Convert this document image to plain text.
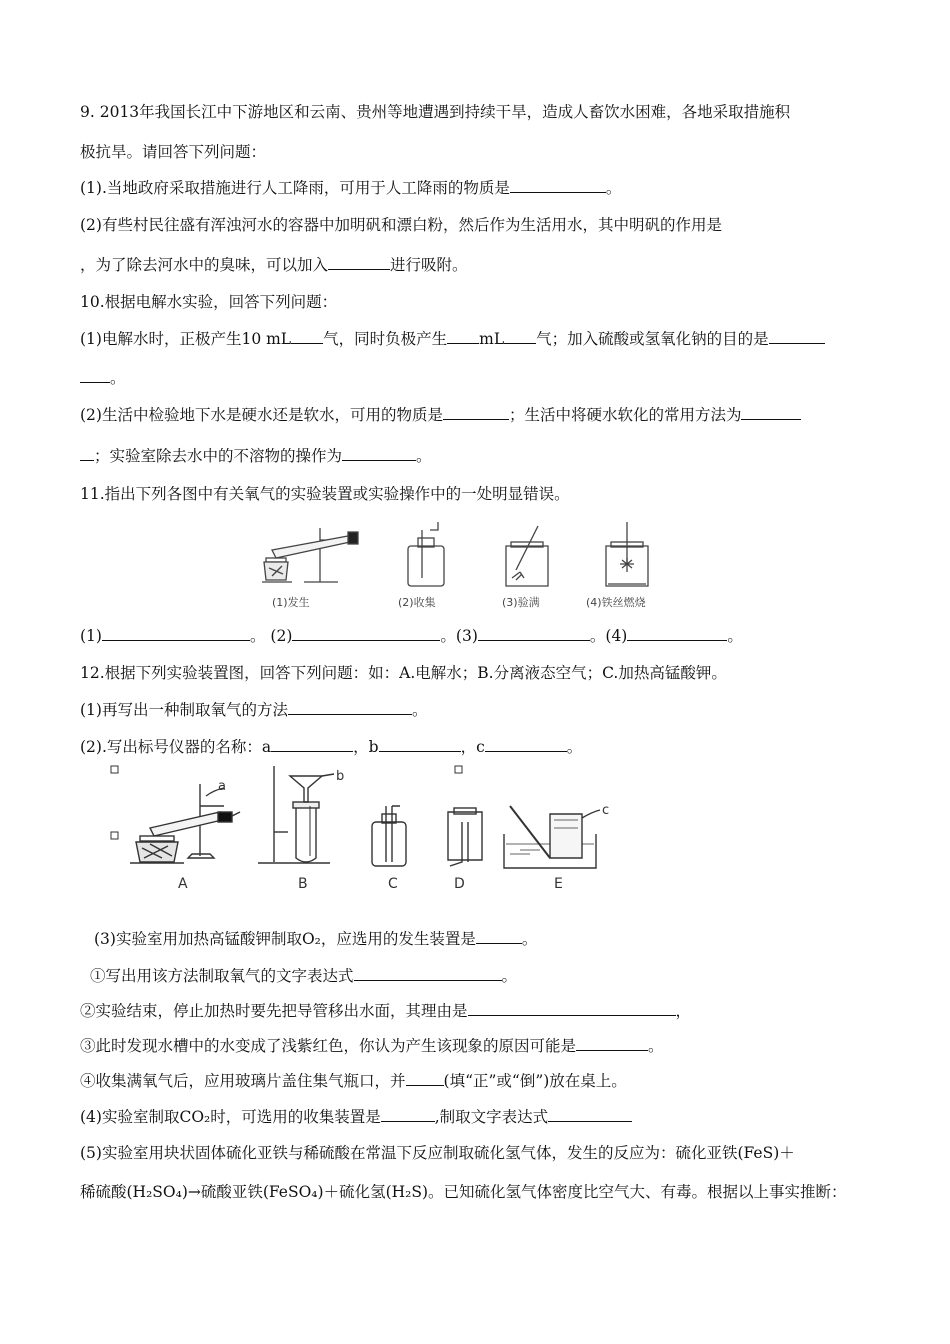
9. 2013年我国长江中下游地区和云南、贵州等地遭遇到持续干旱，造成人畜饮水困难，各地采取措施积
极抗旱。请回答下列问题：
(1).当地政府采取措施进行人工降雨，可用于人工降雨的物质是	。
(2)有些村民往盛有浑浊河水的容器中加明矾和漂白粉，然后作为生活用水，其中明矾的作用是
，为了除去河水中的臭味，可以加入	进行吸附。
10.根据电解水实验，回答下列问题：
(1)电解水时，正极产生10 mL 气，同时负极产生 mL 气；加入硫酸或氢氧化钠的目的是
。
(2)生活中检验地下水是硬水还是软水，可用的物质是	；生活中将硬水软化的常用方法为
；实验室除去水中的不溶物的操作为	。
11.指出下列各图中有关氧气的实验装置或实验操作中的一处明显错误。
(1)发生	(2)收集	(3)验满	(4)铁丝燃烧
(1)	。 (2)	。(3)	。(4)	。
12.根据下列实验装置图，回答下列问题：如：A.电解水；B.分离液态空气；C.加热高锰酸钾。
(1)再写出一种制取氧气的方法	。
(2).写出标号仪器的名称：a	，b	，c	。
a
b
c
A	B	C	D	E
(3)实验室用加热高锰酸钾制取O₂，应选用的发生装置是	。
①写出用该方法制取氧气的文字表达式	。
②实验结束，停止加热时要先把导管移出水面，其理由是	，
③此时发现水槽中的水变成了浅紫红色，你认为产生该现象的原因可能是	。
④收集满氧气后，应用玻璃片盖住集气瓶口，并 (填“正”或“倒”)放在桌上。
(4)实验室制取CO₂时，可选用的收集装置是	,制取文字表达式
(5)实验室用块状固体硫化亚铁与稀硫酸在常温下反应制取硫化氢气体，发生的反应为：硫化亚铁(FeS)＋
稀硫酸(H₂SO₄)→硫酸亚铁(FeSO₄)＋硫化氢(H₂S)。已知硫化氢气体密度比空气大、有毒。根据以上事实推断：
